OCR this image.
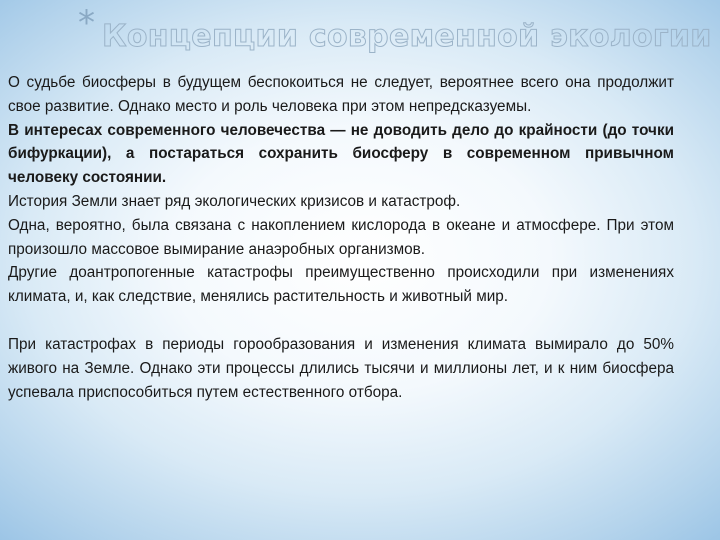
* Концепции современной экологии

О судьбе биосферы в будущем беспокоиться не следует, вероятнее всего она продолжит свое развитие. Однако место и роль человека при этом непредсказуемы.

В интересах современного человечества — не доводить дело до крайности (до точки бифуркации), а постараться сохранить биосферу в современном привычном человеку состоянии.

История Земли знает ряд экологических кризисов и катастроф.

Одна, вероятно, была связана с накоплением кислорода в океане и атмосфере. При этом произошло массовое вымирание анаэробных организмов.

Другие доантропогенные катастрофы преимущественно происходили при изменениях климата, и, как следствие, менялись растительность и животный мир.

При катастрофах в периоды горообразования и изменения климата вымирало до 50% живого на Земле. Однако эти процессы длились тысячи и миллионы лет, и к ним биосфера успевала приспособиться путем естественного отбора.
